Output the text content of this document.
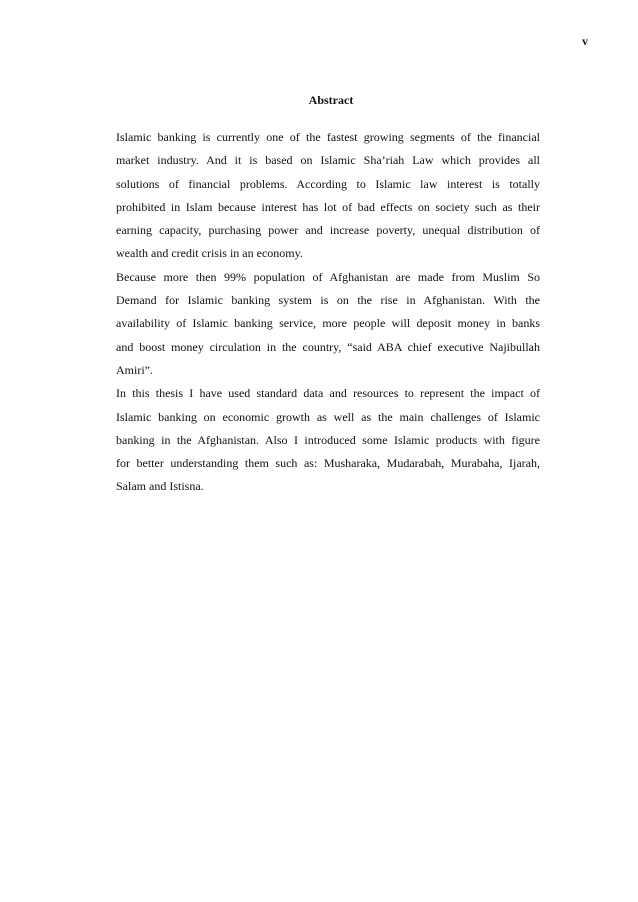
v
Abstract

Islamic banking is currently one of the fastest growing segments of the financial
market industry. And it is based on Islamic Sha’riah Law which provides all
solutions of financial problems. According to Islamic law interest is totally
prohibited in Islam because interest has lot of bad effects on society such as their
earning capacity, purchasing power and increase poverty, unequal distribution of
wealth and credit crisis in an economy.

Because more then 99% population of Afghanistan are made from Muslim So
Demand for Islamic banking system is on the rise in Afghanistan. With the
availability of Islamic banking service, more people will deposit money in banks
and boost money circulation in the country, “said ABA chief executive Najibullah
Amiri”.

In this thesis I have used standard data and resources to represent the impact of
Islamic banking on economic growth as well as the main challenges of Islamic
banking in the Afghanistan. Also I introduced some Islamic products with figure
for better understanding them such as: Musharaka, Mudarabah, Murabaha, Ijarah,
Salam and Istisna.
